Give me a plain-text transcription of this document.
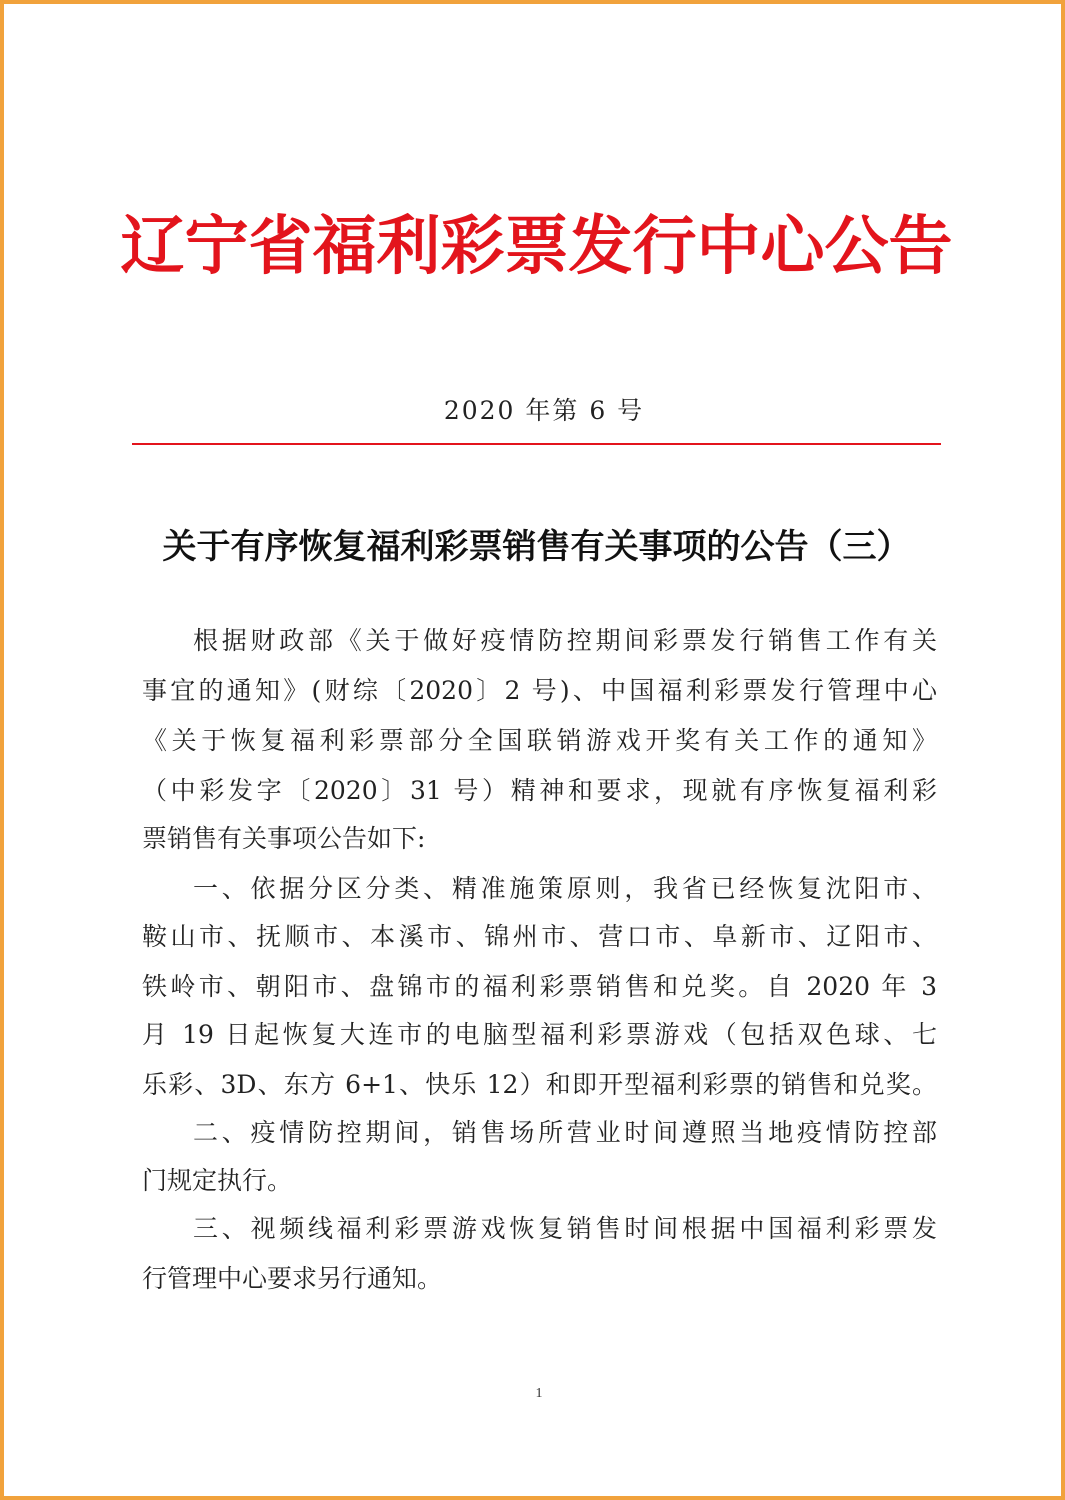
辽宁省福利彩票发行中心公告
2020 年第 6 号
关于有序恢复福利彩票销售有关事项的公告（三）
根据财政部《关于做好疫情防控期间彩票发行销售工作有关
事宜的通知》(财综〔2020〕2 号)、中国福利彩票发行管理中心
《关于恢复福利彩票部分全国联销游戏开奖有关工作的通知》
（中彩发字〔2020〕31 号）精神和要求，现就有序恢复福利彩
票销售有关事项公告如下:
一、依据分区分类、精准施策原则，我省已经恢复沈阳市、
鞍山市、抚顺市、本溪市、锦州市、营口市、阜新市、辽阳市、
铁岭市、朝阳市、盘锦市的福利彩票销售和兑奖。自 2020 年 3
月 19 日起恢复大连市的电脑型福利彩票游戏（包括双色球、七
乐彩、3D、东方 6+1、快乐 12）和即开型福利彩票的销售和兑奖。
二、疫情防控期间，销售场所营业时间遵照当地疫情防控部
门规定执行。
三、视频线福利彩票游戏恢复销售时间根据中国福利彩票发
行管理中心要求另行通知。
1
